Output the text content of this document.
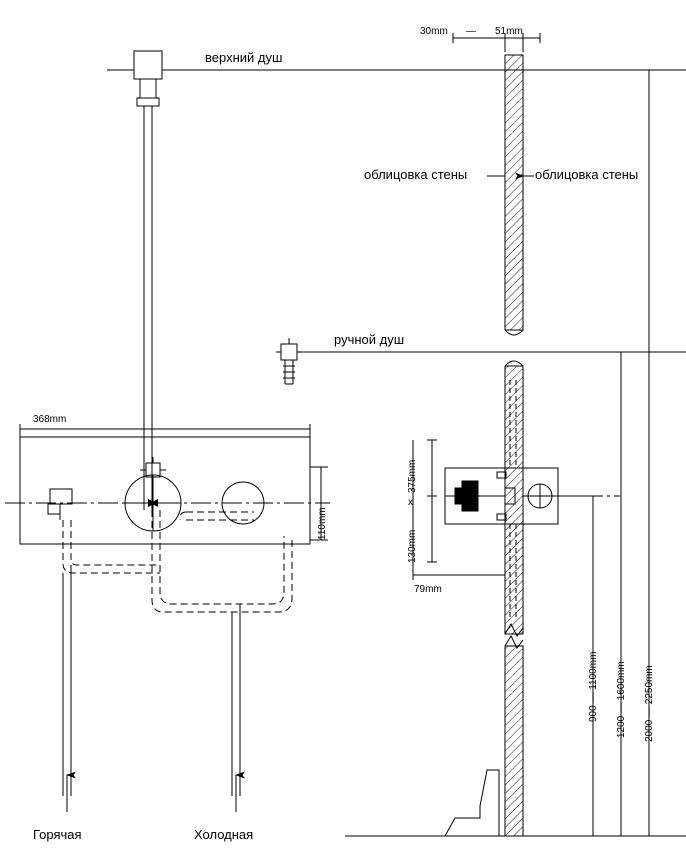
верхний душ
ручной душ
облицовка стены	облицовка стены
30mm — 51mm
368mm
110mm
375mm
x
130mm
79mm
900 — 1100mm 1200 — 1600mm 2000 — 2250mm
Горячая	Холодная
